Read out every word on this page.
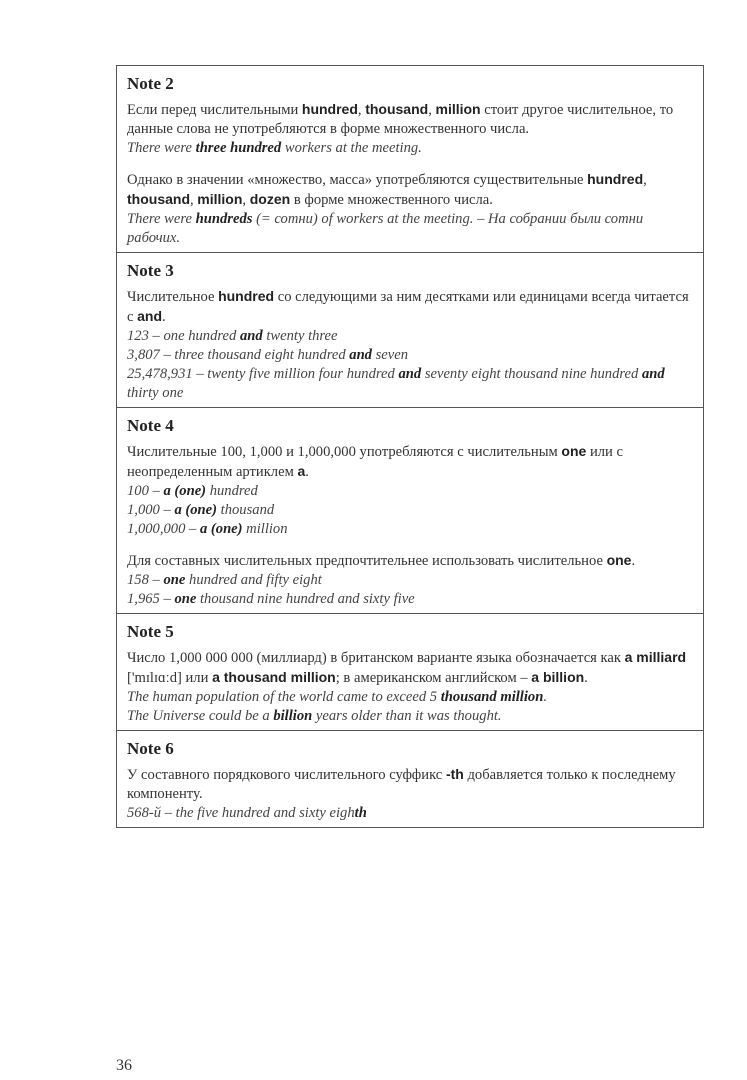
Note 2

Если перед числительными hundred, thousand, million стоит другое числительное, то данные слова не употребляются в форме множественного числа.

There were three hundred workers at the meeting.

Однако в значении «множество, масса» употребляются существительные hundred, thousand, million, dozen в форме множественного числа.

There were hundreds (= сотни) of workers at the meeting. – На собрании были сотни рабочих.

Note 3

Числительное hundred со следующими за ним десятками или единицами всегда читается с and.

123 – one hundred and twenty three

3,807 – three thousand eight hundred and seven

25,478,931 – twenty five million four hundred and seventy eight thousand nine hundred and thirty one

Note 4

Числительные 100, 1,000 и 1,000,000 употребляются с числительным one или с неопределенным артиклем a.

100 – a (one) hundred

1,000 – a (one) thousand

1,000,000 – a (one) million

Для составных числительных предпочтительнее использовать числительное one.

158 – one hundred and fifty eight

1,965 – one thousand nine hundred and sixty five

Note 5

Число 1,000 000 000 (миллиард) в британском варианте языка обозначается как a milliard ['mɪlɪɑːd] или a thousand million; в американском английском – a billion.

The human population of the world came to exceed 5 thousand million.

The Universe could be a billion years older than it was thought.

Note 6

У составного порядкового числительного суффикс -th добавляется только к последнему компоненту.

568-й – the five hundred and sixty eighth

36
